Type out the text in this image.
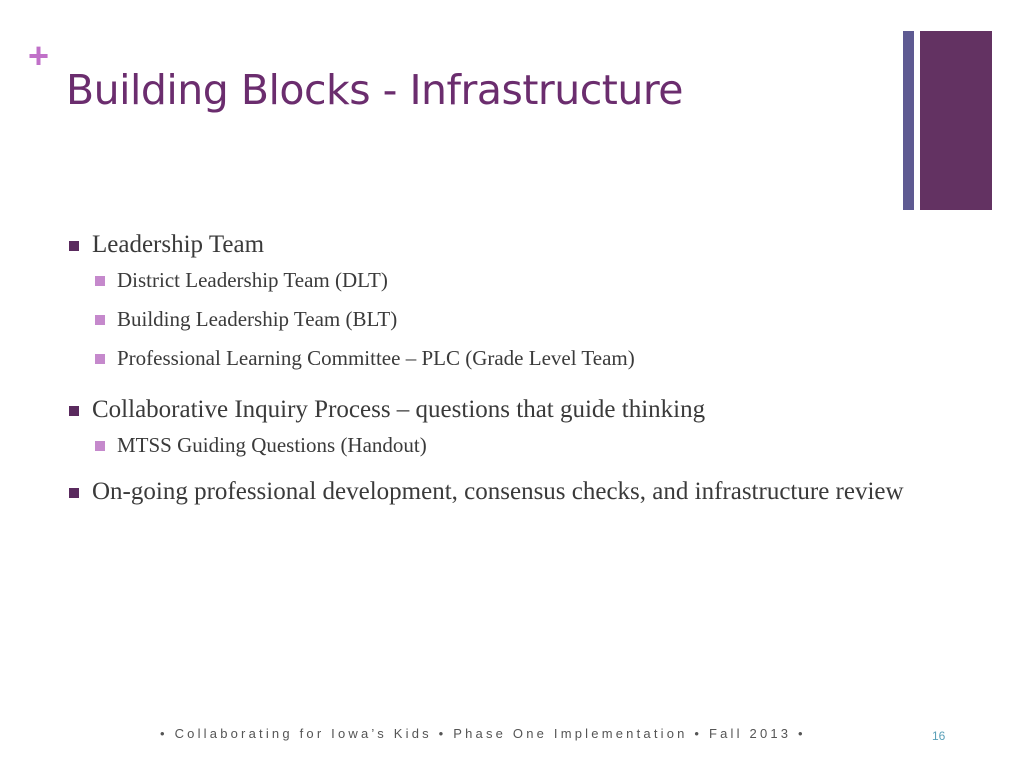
+
Building Blocks - Infrastructure
Leadership Team
District Leadership Team (DLT)
Building Leadership Team (BLT)
Professional Learning Committee – PLC (Grade Level Team)
Collaborative Inquiry Process – questions that guide thinking
MTSS Guiding Questions (Handout)
On-going professional development, consensus checks, and infrastructure review
• Collaborating for Iowa’s Kids • Phase One Implementation • Fall 2013 •	16
